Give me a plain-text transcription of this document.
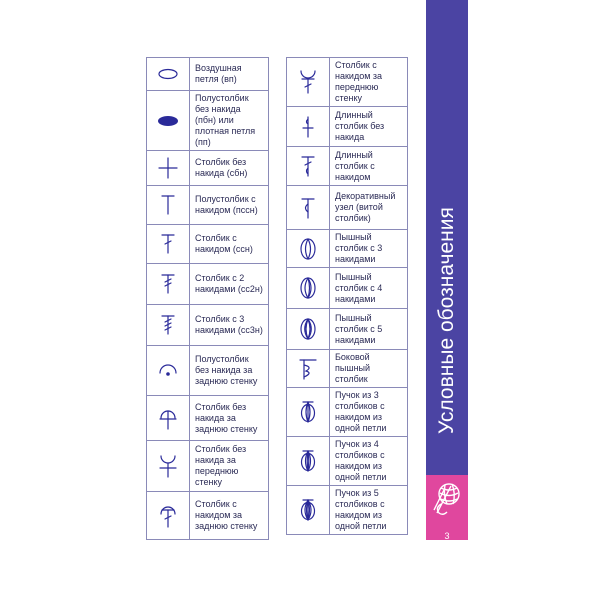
	Воздушная петля (вп)

	Полустолбик без накида (пбн) или плотная петля (пп)

	Столбик без накида (сбн)

	Полустолбик с накидом (пссн)

	Столбик с накидом (ссн)

	Столбик с 2 накидами (сс2н)

	Столбик с 3 накидами (сс3н)

	Полустолбик без накида за заднюю стенку

	Столбик без накида за заднюю стенку

	Столбик без накида за переднюю стенку

	Столбик с накидом за заднюю стенку
	Столбик с накидом за переднюю стенку

	Длинный столбик без накида

	Длинный столбик с накидом

	Декоративный узел (витой столбик)

	Пышный столбик с 3 накидами

	Пышный столбик с 4 накидами

	Пышный столбик с 5 накидами

	Боковой пышный столбик

	Пучок из 3 столбиков с накидом из одной петли

	Пучок из 4 столбиков с накидом из одной петли

	Пучок из 5 столбиков с накидом из одной петли
Условные обозначения
3
